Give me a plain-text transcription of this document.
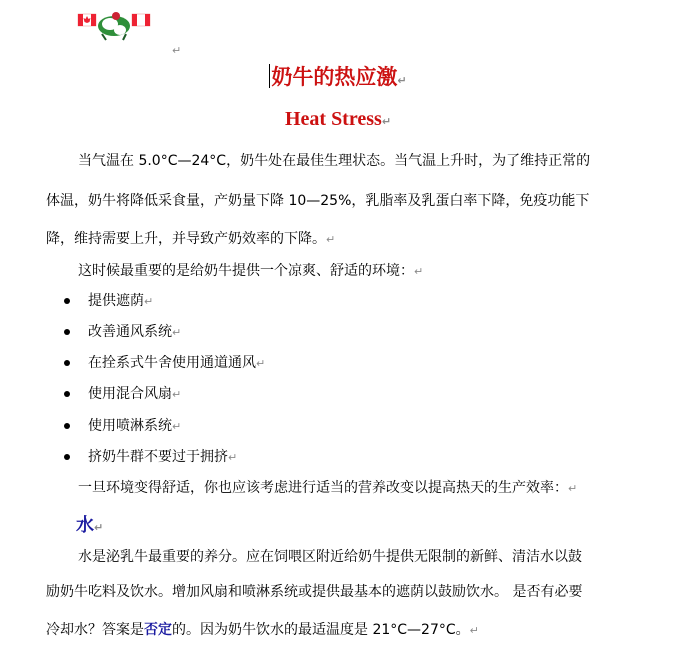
↵
奶牛的热应激↵
Heat Stress↵
当气温在 5.0°C—24°C，奶牛处在最佳生理状态。当气温上升时，为了维持正常的
体温，奶牛将降低采食量，产奶量下降 10—25%，乳脂率及乳蛋白率下降，免疫功能下
降，维持需要上升，并导致产奶效率的下降。↵
这时候最重要的是给奶牛提供一个凉爽、舒适的环境：↵
提供遮荫↵
改善通风系统↵
在拴系式牛舍使用通道通风↵
使用混合风扇↵
使用喷淋系统↵
挤奶牛群不要过于拥挤↵
一旦环境变得舒适，你也应该考虑进行适当的营养改变以提高热天的生产效率：↵
水↵
水是泌乳牛最重要的养分。应在饲喂区附近给奶牛提供无限制的新鲜、清洁水以鼓
励奶牛吃料及饮水。增加风扇和喷淋系统或提供最基本的遮荫以鼓励饮水。 是否有必要
冷却水？答案是否定的。因为奶牛饮水的最适温度是 21°C—27°C。↵
